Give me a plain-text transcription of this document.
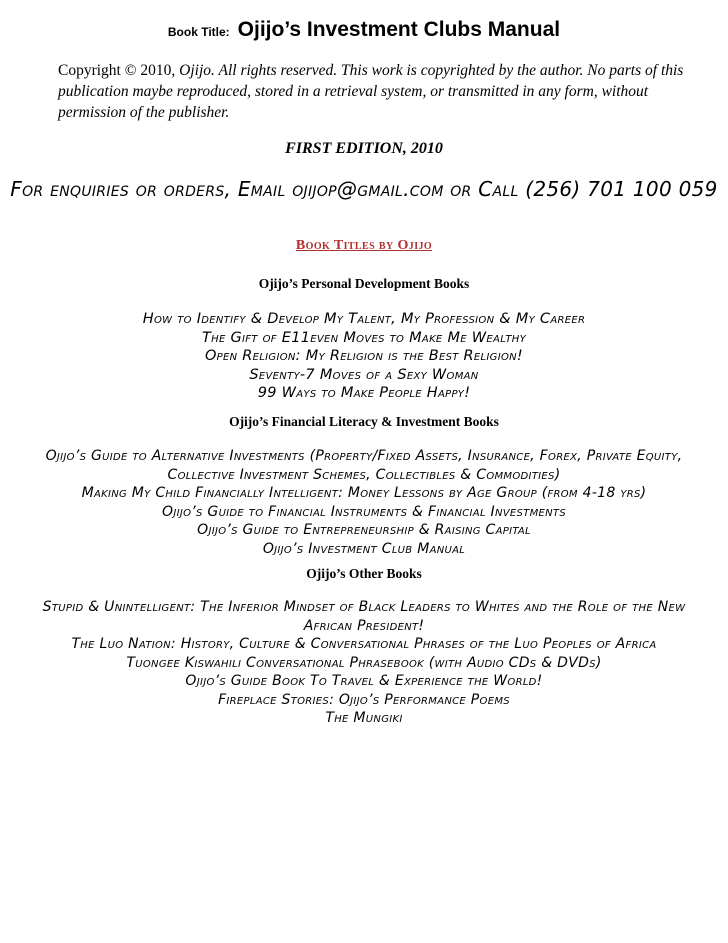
Book Title: Ojijo’s Investment Clubs Manual
Copyright © 2010, Ojijo. All rights reserved. This work is copyrighted by the author. No parts of this publication maybe reproduced, stored in a retrieval system, or transmitted in any form, without permission of the publisher.
FIRST EDITION, 2010
For enquiries or orders, Email ojijop@gmail.com or Call (256) 701 100 059
Book Titles by Ojijo
Ojijo’s Personal Development Books
How to Identify & Develop My Talent, My Profession & My Career
The Gift of E11even Moves to Make Me Wealthy
Open Religion: My Religion is the Best Religion!
Seventy-7 Moves of a Sexy Woman
99 Ways to Make People Happy!
Ojijo’s Financial Literacy & Investment Books
Ojijo’s Guide to Alternative Investments (Property/Fixed Assets, Insurance, Forex, Private Equity,
Collective Investment Schemes, Collectibles & Commodities)
Making My Child Financially Intelligent: Money Lessons by Age Group (from 4-18 yrs)
Ojijo’s Guide to Financial Instruments & Financial Investments
Ojijo’s Guide to Entrepreneurship & Raising Capital
Ojijo’s Investment Club Manual
Ojijo’s Other Books
Stupid & Unintelligent: The Inferior Mindset of Black Leaders to Whites and the Role of the New
African President!
The Luo Nation: History, Culture & Conversational Phrases of the Luo Peoples of Africa
Tuongee Kiswahili Conversational Phrasebook (with Audio CDs & DVDs)
Ojijo’s Guide Book To Travel & Experience the World!
Fireplace Stories: Ojijo’s Performance Poems
The Mungiki
